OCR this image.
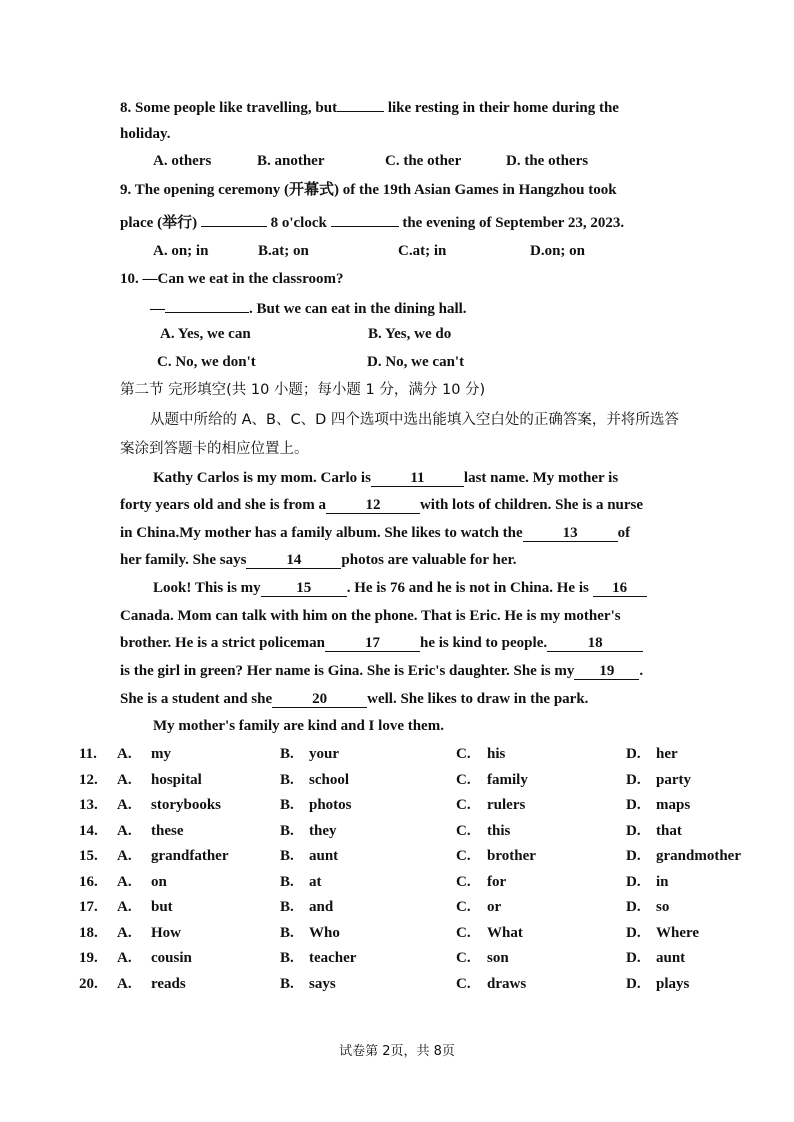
8. Some people like travelling, but	like resting in their home during the
holiday.
A. others	B. another	C. the other	D. the others
9. The opening ceremony (开幕式) of the 19th Asian Games in Hangzhou took
place (举行)	8 o'clock	the evening of September 23, 2023.
A. on; in	B.at; on	C.at; in	D.on; on
10. —Can we eat in the classroom?
—	. But we can eat in the dining hall.
A. Yes, we can	B. Yes, we do
C. No, we don't	D. No, we can't
第二节 完形填空(共 10 小题；每小题 1 分，满分 10 分)
从题中所给的 A、B、C、D 四个选项中选出能填入空白处的正确答案，并将所选答
案涂到答题卡的相应位置上。
Kathy Carlos is my mom. Carlo is	11	last name. My mother is
forty years old and she is from a	12	with lots of children. She is a nurse
in China.My mother has a family album. She likes to watch the	13	of
her family. She says	14	photos are valuable for her.
Look! This is my 15 . He is 76 and he is not in China. He is 16
Canada. Mom can talk with him on the phone. That is Eric. He is my mother's
brother. He is a strict policeman	17	he is kind to people.	18
is the girl in green? Her name is Gina. She is Eric's daughter. She is my 19 .
She is a student and she	20	well. She likes to draw in the park.
My mother's family are kind and I love them.
11. A. my	B. your	C. his	D. her
12. A. hospital	B. school	C. family	D. party
13. A. storybooks	B. photos	C. rulers	D. maps
14. A. these	B. they	C. this	D. that
15. A. grandfather	B. aunt	C. brother	D. grandmother
16. A. on	B. at	C. for	D. in
17. A. but	B. and	C. or	D. so
18. A. How	B. Who	C. What	D. Where
19. A. cousin	B. teacher	C. son	D. aunt
20. A. reads	B. says	C. draws	D. plays
试卷第 2页，共 8页
